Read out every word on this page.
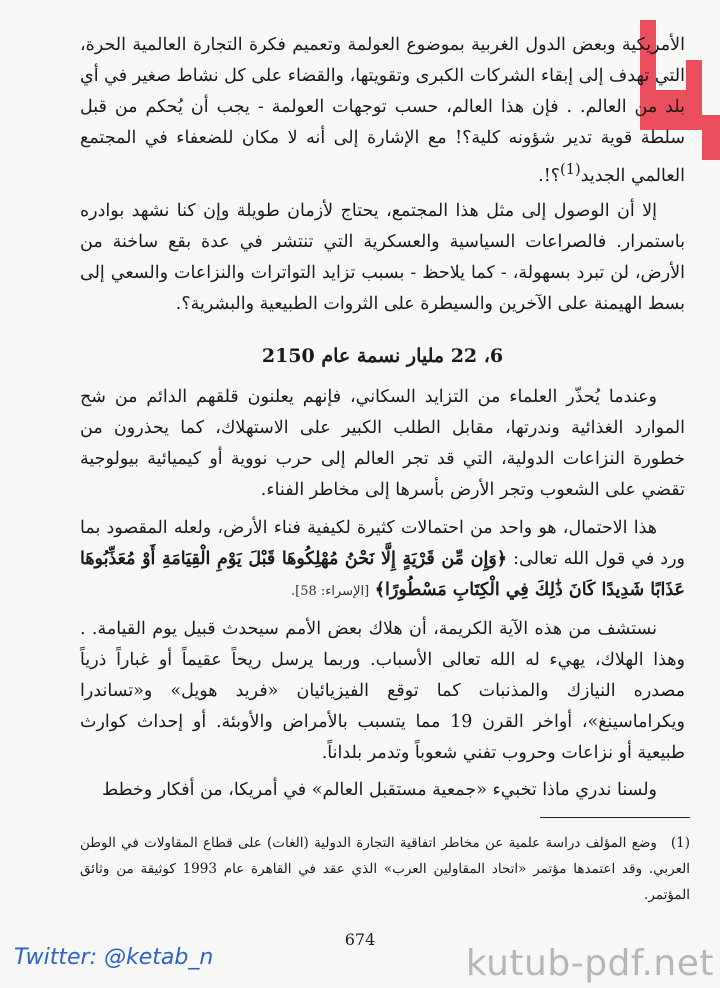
الأمريكية وبعض الدول الغربية بموضوع العولمة وتعميم فكرة التجارة العالمية الحرة، التي تهدف إلى إبقاء الشركات الكبرى وتقويتها، والقضاء على كل نشاط صغير في أي بلد من العالم. . فإن هذا العالم، حسب توجهات العولمة - يجب أن يُحكم من قبل سلطة قوية تدير شؤونه كلية؟! مع الإشارة إلى أنه لا مكان للضعفاء في المجتمع العالمي الجديد$^{(1)}$؟!.

إلا أن الوصول إلى مثل هذا المجتمع، يحتاج لأزمان طويلة وإن كنا نشهد بوادره باستمرار. فالصراعات السياسية والعسكرية التي تنتشر في عدة بقع ساخنة من الأرض، لن تبرد بسهولة، - كما يلاحظ - بسبب تزايد التواترات والنزاعات والسعي إلى بسط الهيمنة على الآخرين والسيطرة على الثروات الطبيعية والبشرية؟.

6، 22 مليار نسمة عام 2150

وعندما يُحذّر العلماء من التزايد السكاني، فإنهم يعلنون قلقهم الدائم من شح الموارد الغذائية وندرتها، مقابل الطلب الكبير على الاستهلاك، كما يحذرون من خطورة النزاعات الدولية، التي قد تجر العالم إلى حرب نووية أو كيميائية بيولوجية تقضي على الشعوب وتجر الأرض بأسرها إلى مخاطر الفناء.

هذا الاحتمال، هو واحد من احتمالات كثيرة لكيفية فناء الأرض، ولعله المقصود بما ورد في قول الله تعالى: ﴿وَإِن مِّن قَرْيَةٍ إِلَّا نَحْنُ مُهْلِكُوهَا قَبْلَ يَوْمِ الْقِيَامَةِ أَوْ مُعَذِّبُوهَا عَذَابًا شَدِيدًا كَانَ ذَٰلِكَ فِي الْكِتَابِ مَسْطُورًا﴾ [الإسراء: 58].

نستشف من هذه الآية الكريمة، أن هلاك بعض الأمم سيحدث قبيل يوم القيامة. . وهذا الهلاك، يهيء له الله تعالى الأسباب. وربما يرسل ريحاً عقيماً أو غباراً ذرياً مصدره النيازك والمذنبات كما توقع الفيزيائيان «فريد هويل» و«تساندرا ويكراماسينغ»، أواخر القرن 19 مما يتسبب بالأمراض والأوبئة. أو إحداث كوارث طبيعية أو نزاعات وحروب تفني شعوباً وتدمر بلداناً.

ولسنا ندري ماذا تخبيء «جمعية مستقبل العالم» في أمريكا، من أفكار وخطط

(1)وضع المؤلف دراسة علمية عن مخاطر اتفاقية التجارة الدولية (الغات) على قطاع المقاولات في الوطن العربي. وقد اعتمدها مؤتمر «اتحاد المقاولين العرب» الذي عقد في القاهرة عام 1993 كوثيقة من وثائق المؤتمر.
674
Twitter: @ketab_n	kutub-pdf.net
